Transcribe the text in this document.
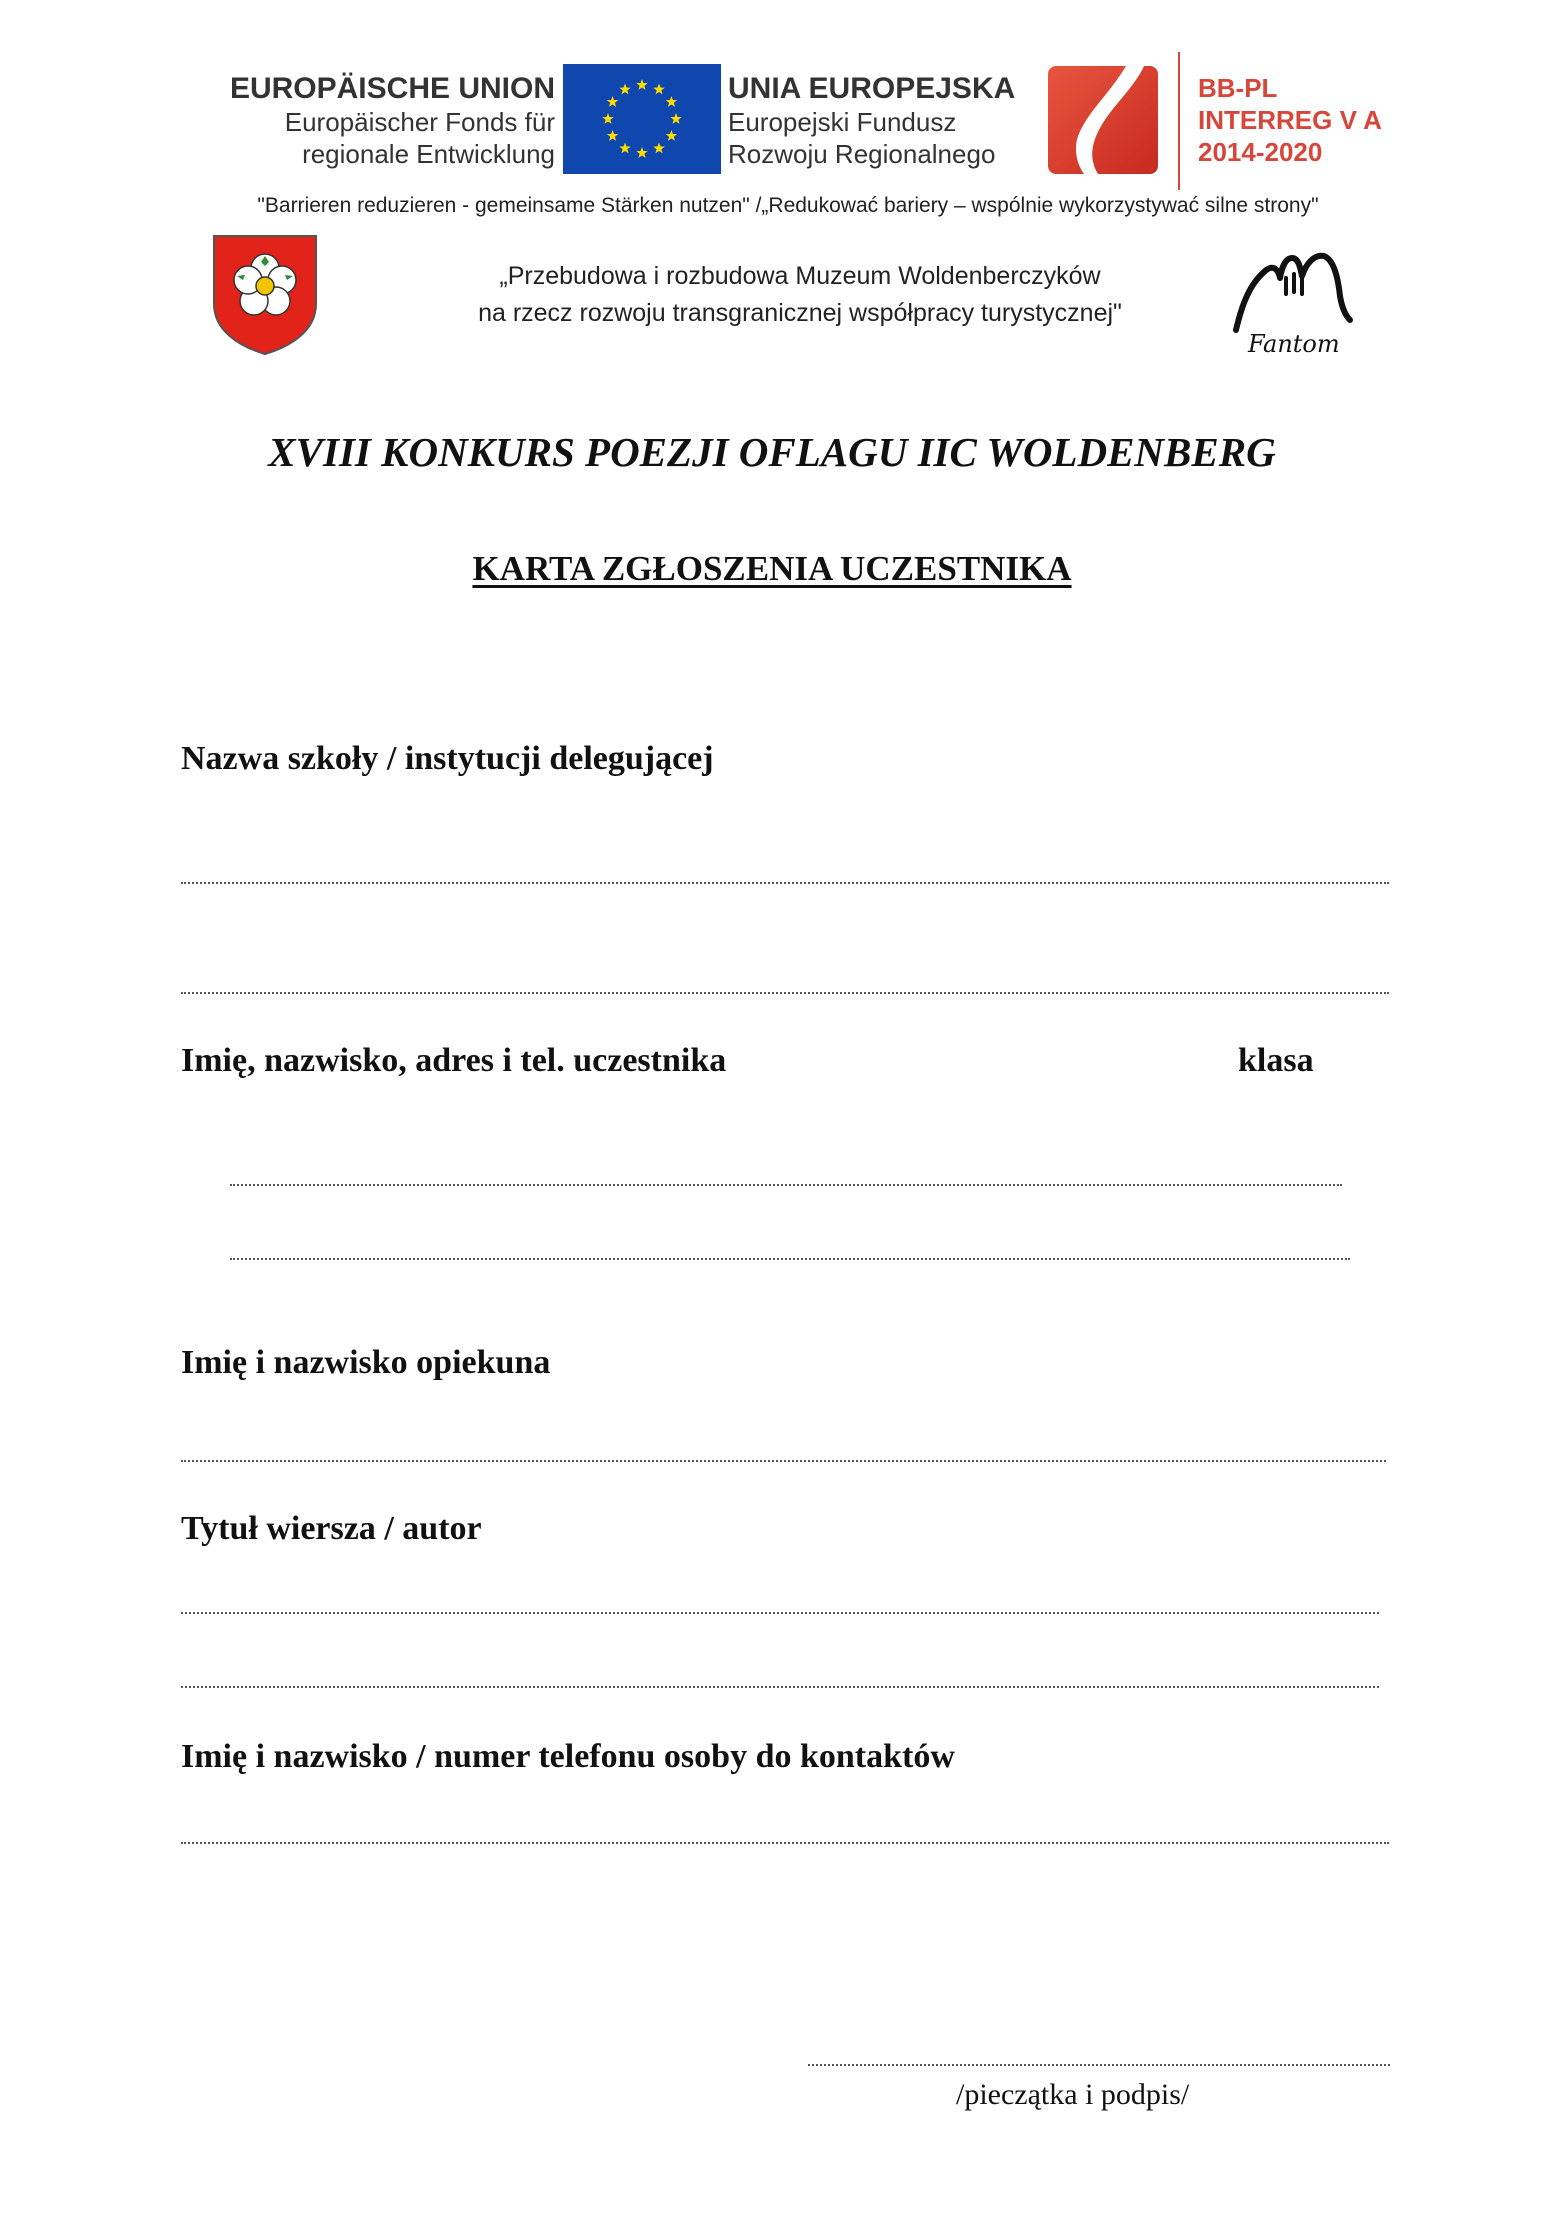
EUROPÄISCHE UNION
Europäischer Fonds für
regionale Entwicklung
UNIA EUROPEJSKA
Europejski Fundusz
Rozwoju Regionalnego
BB-PL
INTERREG V A
2014-2020
"Barrieren reduzieren - gemeinsame Stärken nutzen" /„Redukować bariery – wspólnie wykorzystywać silne strony"
„Przebudowa i rozbudowa Muzeum Woldenberczyków
na rzecz rozwoju transgranicznej współpracy turystycznej"
Fantom
XVIII KONKURS POEZJI OFLAGU IIC WOLDENBERG
KARTA ZGŁOSZENIA UCZESTNIKA
Nazwa szkoły / instytucji delegującej
Imię, nazwisko, adres i tel. uczestnika	klasa
Imię i nazwisko opiekuna
Tytuł wiersza / autor
Imię i nazwisko / numer telefonu osoby do kontaktów
/pieczątka i podpis/
